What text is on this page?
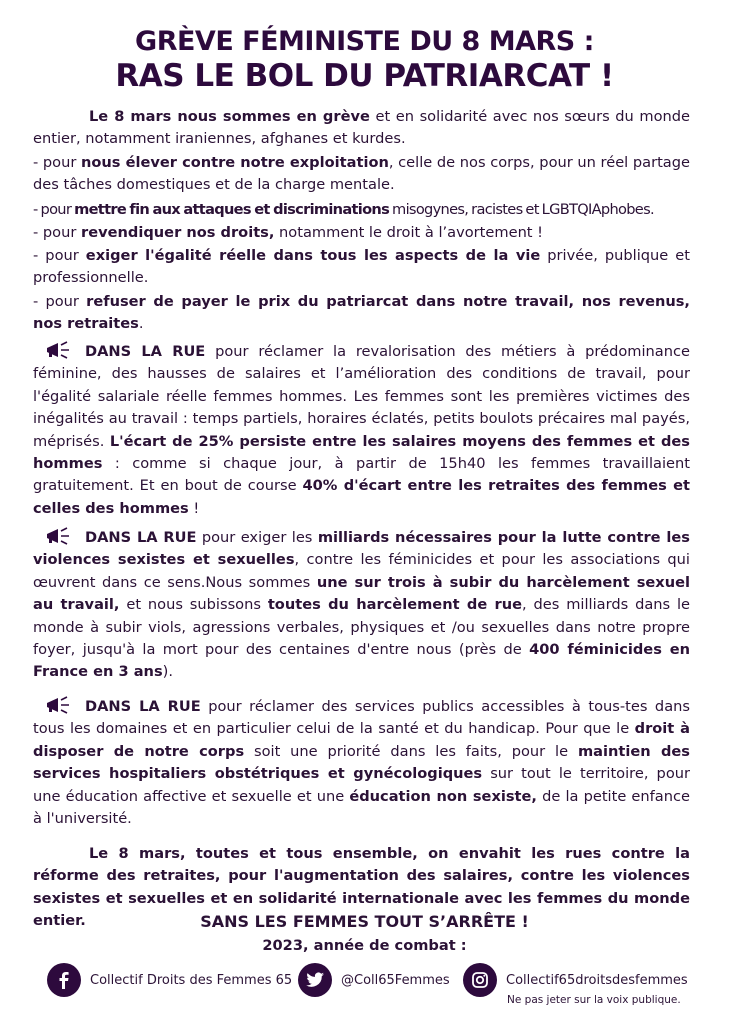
GRÈVE FÉMINISTE DU 8 MARS :
RAS LE BOL DU PATRIARCAT !
Le 8 mars nous sommes en grève et en solidarité avec nos sœurs du monde entier, notamment iraniennes, afghanes et kurdes.
- pour nous élever contre notre exploitation, celle de nos corps, pour un réel partage des tâches domestiques et de la charge mentale.
- pour mettre fin aux attaques et discriminations misogynes, racistes et LGBTQIAphobes.
- pour revendiquer nos droits, notamment le droit à l’avortement !
- pour exiger l'égalité réelle dans tous les aspects de la vie privée, publique et professionnelle.
- pour refuser de payer le prix du patriarcat dans notre travail, nos revenus, nos retraites.
DANS LA RUE pour réclamer la revalorisation des métiers à prédominance féminine, des hausses de salaires et l’amélioration des conditions de travail, pour l'égalité salariale réelle femmes hommes. Les femmes sont les premières victimes des inégalités au travail : temps partiels, horaires éclatés, petits boulots précaires mal payés, méprisés. L'écart de 25% persiste entre les salaires moyens des femmes et des hommes : comme si chaque jour, à partir de 15h40 les femmes travaillaient gratuitement. Et en bout de course 40% d'écart entre les retraites des femmes et celles des hommes !
DANS LA RUE pour exiger les milliards nécessaires pour la lutte contre les violences sexistes et sexuelles, contre les féminicides et pour les associations qui œuvrent dans ce sens.Nous sommes une sur trois à subir du harcèlement sexuel au travail, et nous subissons toutes du harcèlement de rue, des milliards dans le monde à subir viols, agressions verbales, physiques et /ou sexuelles dans notre propre foyer, jusqu'à la mort pour des centaines d'entre nous (près de 400 féminicides en France en 3 ans).
DANS LA RUE pour réclamer des services publics accessibles à tous-tes dans tous les domaines et en particulier celui de la santé et du handicap. Pour que le droit à disposer de notre corps soit une priorité dans les faits, pour le maintien des services hospitaliers obstétriques et gynécologiques sur tout le territoire, pour une éducation affective et sexuelle et une éducation non sexiste, de la petite enfance à l'université.
Le 8 mars, toutes et tous ensemble, on envahit les rues contre la réforme des retraites, pour l'augmentation des salaires, contre les violences sexistes et sexuelles et en solidarité internationale avec les femmes du monde entier.	SANS LES FEMMES TOUT S’ARRÊTE !
2023, année de combat :
Collectif Droits des Femmes 65	@Coll65Femmes	Collectif65droitsdesfemmes
Ne pas jeter sur la voix publique.
